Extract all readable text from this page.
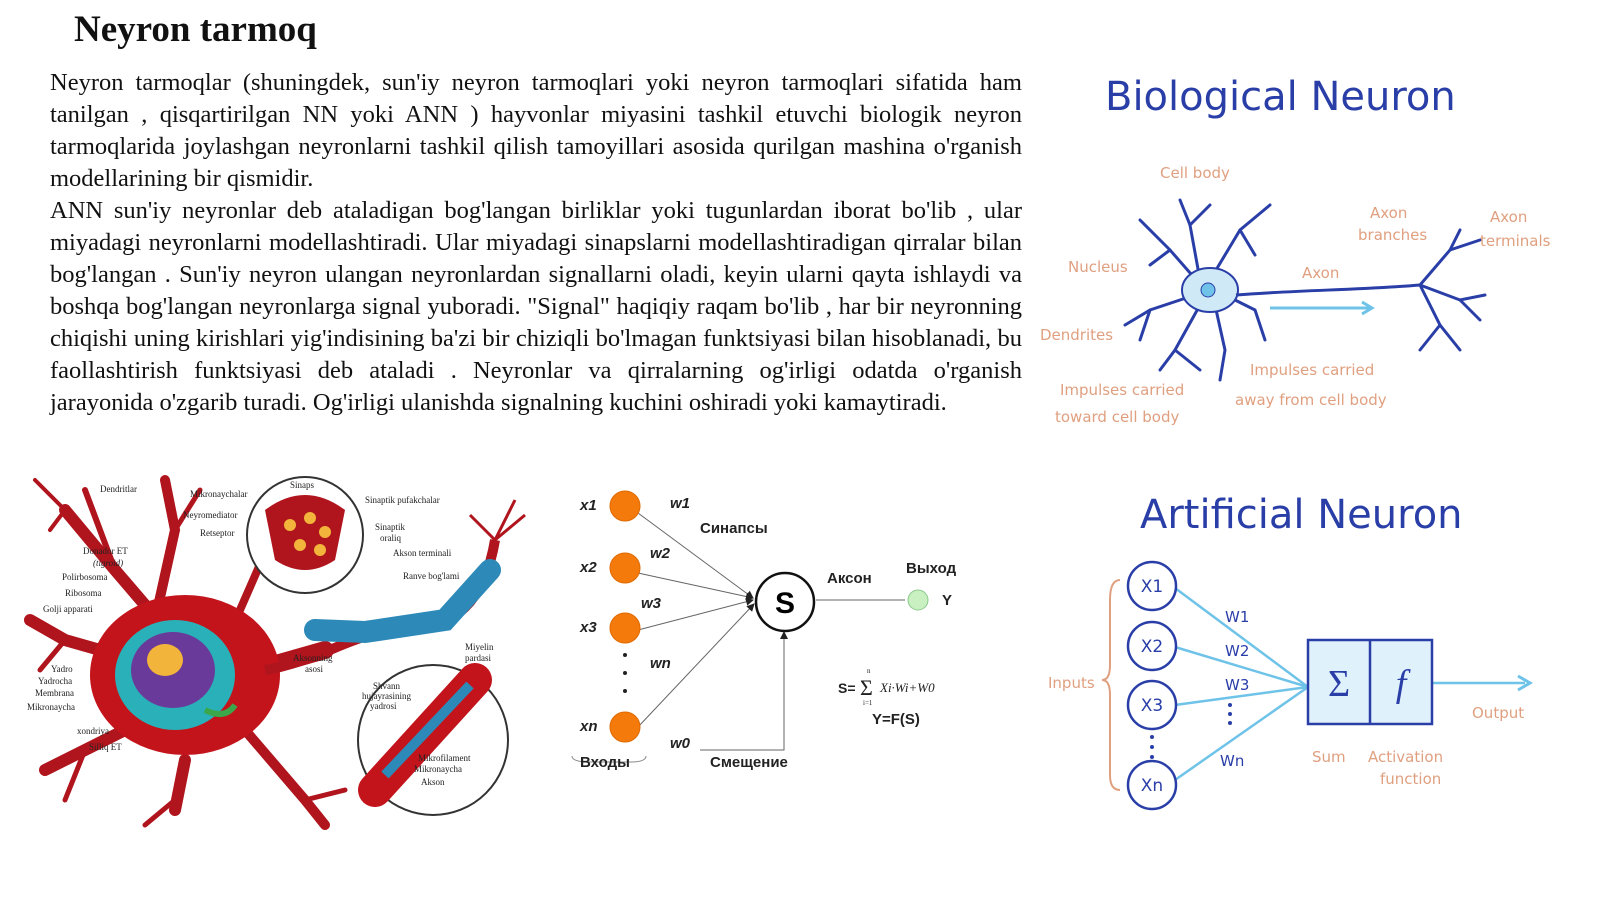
Neyron tarmoq

Neyron tarmoqlar (shuningdek, sun'iy neyron tarmoqlari yoki neyron tarmoqlari sifatida ham tanilgan , qisqartirilgan NN yoki ANN ) hayvonlar miyasini tashkil etuvchi biologik neyron tarmoqlarida joylashgan neyronlarni tashkil qilish tamoyillari asosida qurilgan mashina o'rganish modellarining bir qismidir.

ANN sun'iy neyronlar deb ataladigan bog'langan birliklar yoki tugunlardan iborat bo'lib , ular miyadagi neyronlarni modellashtiradi. Ular miyadagi sinapslarni modellashtiradigan qirralar bilan bog'langan . Sun'iy neyron ulangan neyronlardan signallarni oladi, keyin ularni qayta ishlaydi va boshqa bog'langan neyronlarga signal yuboradi. "Signal" haqiqiy raqam bo'lib , har bir neyronning chiqishi uning kirishlari yig'indisining ba'zi bir chiziqli bo'lmagan funktsiyasi bilan hisoblanadi, bu faollashtirish funktsiyasi deb ataladi . Neyronlar va qirralarning og'irligi odatda o'rganish jarayonida o'zgarib turadi. Og'irligi ulanishda signalning kuchini oshiradi yoki kamaytiradi.

Dendritlar	Mikronaychalar
Sinaps
Neyromediator
Retseptor
Sinaptik pufakchalar
Sinaptik
oraliq
Akson terminali
Donador ET
(tigroid)
Polirbosoma
Ribosoma
Golji apparati
Ranve bog'lami
Yadro
Yadrocha
Membrana
Mikronaycha
Aksonning
asosi
Miyelin
pardasi
Shvann
hujayrasining
yadrosi
xondriya
Silliq ET
Mikrofilament
Mikronaycha
Akson
S
x1
x2
x3
xn
w1
w2
w3
wn
w0
Синапсы
Аксон
Выход
Y
Входы	Смещение
S= Σ
n
i=1
Xi·Wi+W0
Y=F(S)
Biological Neuron
Cell body
Nucleus
Dendrites
Axon
Axon
branches
Axon
terminals
Impulses carried
toward cell body
Impulses carried
away from cell body
Artificial Neuron
X1
X2
X3
Xn
W1
W2
W3
Wn
Σ f
Inputs
Sum Activation
function
Output
